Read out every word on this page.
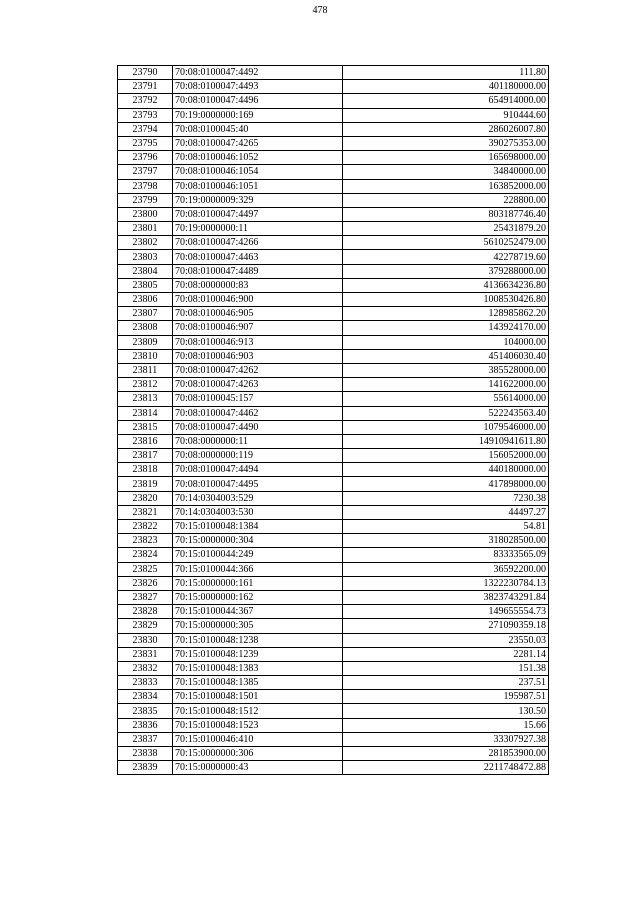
478
23790	70:08:0100047:4492	111.80
23791	70:08:0100047:4493	401180000.00
23792	70:08:0100047:4496	654914000.00
23793	70:19:0000000:169	910444.60
23794	70:08:0100045:40	286026007.80
23795	70:08:0100047:4265	390275353.00
23796	70:08:0100046:1052	165698000.00
23797	70:08:0100046:1054	34840000.00
23798	70:08:0100046:1051	163852000.00
23799	70:19:0000009:329	228800.00
23800	70:08:0100047:4497	803187746.40
23801	70:19:0000000:11	25431879.20
23802	70:08:0100047:4266	5610252479.00
23803	70:08:0100047:4463	42278719.60
23804	70:08:0100047:4489	379288000.00
23805	70:08:0000000:83	4136634236.80
23806	70:08:0100046:900	1008530426.80
23807	70:08:0100046:905	128985862.20
23808	70:08:0100046:907	143924170.00
23809	70:08:0100046:913	104000.00
23810	70:08:0100046:903	451406030.40
23811	70:08:0100047:4262	385528000.00
23812	70:08:0100047:4263	141622000.00
23813	70:08:0100045:157	55614000.00
23814	70:08:0100047:4462	522243563.40
23815	70:08:0100047:4490	1079546000.00
23816	70:08:0000000:11	14910941611.80
23817	70:08:0000000:119	156052000.00
23818	70:08:0100047:4494	440180000.00
23819	70:08:0100047:4495	417898000.00
23820	70:14:0304003:529	7230.38
23821	70:14:0304003:530	44497.27
23822	70:15:0100048:1384	54.81
23823	70:15:0000000:304	318028500.00
23824	70:15:0100044:249	83333565.09
23825	70:15:0100044:366	36592200.00
23826	70:15:0000000:161	1322230784.13
23827	70:15:0000000:162	3823743291.84
23828	70:15:0100044:367	149655554.73
23829	70:15:0000000:305	271090359.18
23830	70:15:0100048:1238	23550.03
23831	70:15:0100048:1239	2281.14
23832	70:15:0100048:1383	151.38
23833	70:15:0100048:1385	237.51
23834	70:15:0100048:1501	195987.51
23835	70:15:0100048:1512	130.50
23836	70:15:0100048:1523	15.66
23837	70:15:0100046:410	33307927.38
23838	70:15:0000000:306	281853900.00
23839	70:15:0000000:43	2211748472.88
